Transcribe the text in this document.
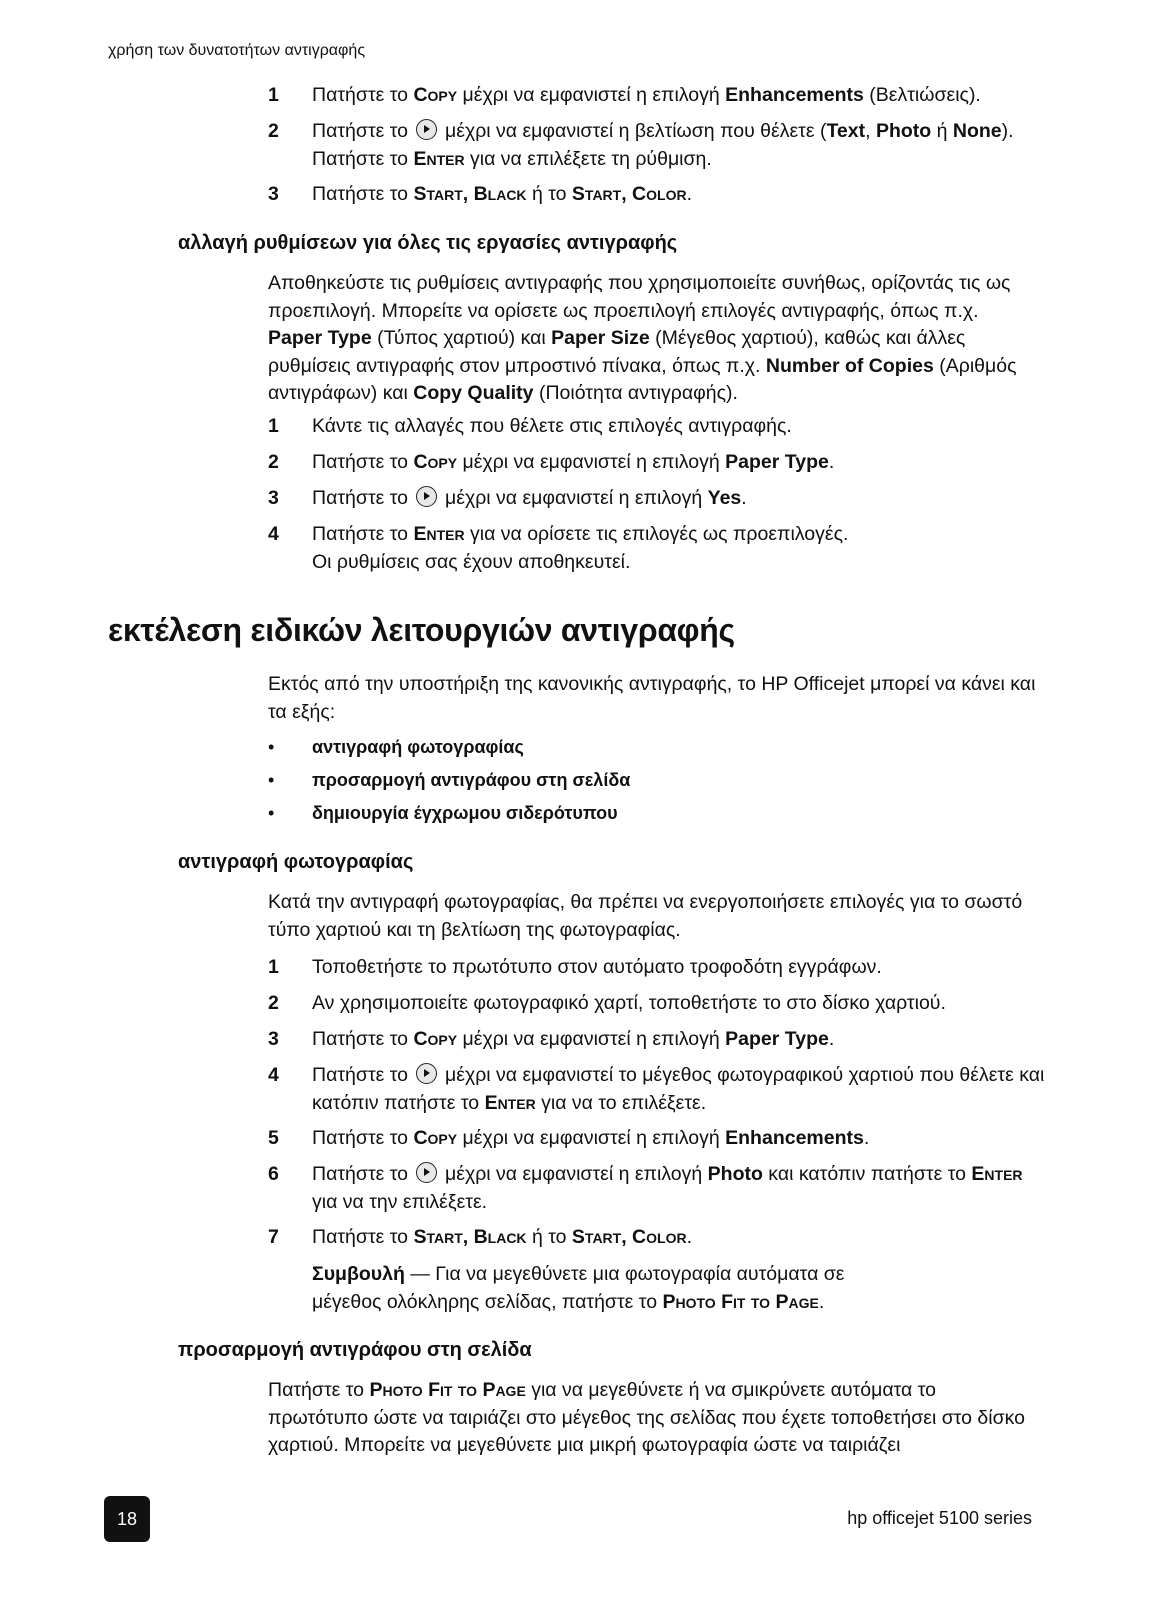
χρήση των δυνατοτήτων αντιγραφής
1	Πατήστε το Copy μέχρι να εμφανιστεί η επιλογή Enhancements (Βελτιώσεις).
2	Πατήστε το μέχρι να εμφανιστεί η βελτίωση που θέλετε (Text, Photo ή None). Πατήστε το Enter για να επιλέξετε τη ρύθμιση.
3	Πατήστε το Start, Black ή το Start, Color.
αλλαγή ρυθμίσεων για όλες τις εργασίες αντιγραφής
Αποθηκεύστε τις ρυθμίσεις αντιγραφής που χρησιμοποιείτε συνήθως, ορίζοντάς τις ως προεπιλογή. Μπορείτε να ορίσετε ως προεπιλογή επιλογές αντιγραφής, όπως π.χ. Paper Type (Τύπος χαρτιού) και Paper Size (Μέγεθος χαρτιού), καθώς και άλλες ρυθμίσεις αντιγραφής στον μπροστινό πίνακα, όπως π.χ. Number of Copies (Αριθμός αντιγράφων) και Copy Quality (Ποιότητα αντιγραφής).
1	Κάντε τις αλλαγές που θέλετε στις επιλογές αντιγραφής.
2	Πατήστε το Copy μέχρι να εμφανιστεί η επιλογή Paper Type.
3	Πατήστε το μέχρι να εμφανιστεί η επιλογή Yes.
4	Πατήστε το Enter για να ορίσετε τις επιλογές ως προεπιλογές.
Οι ρυθμίσεις σας έχουν αποθηκευτεί.
εκτέλεση ειδικών λειτουργιών αντιγραφής
Εκτός από την υποστήριξη της κανονικής αντιγραφής, το HP Officejet μπορεί να κάνει και τα εξής:
• αντιγραφή φωτογραφίας
• προσαρμογή αντιγράφου στη σελίδα
• δημιουργία έγχρωμου σιδερότυπου
αντιγραφή φωτογραφίας
Κατά την αντιγραφή φωτογραφίας, θα πρέπει να ενεργοποιήσετε επιλογές για το σωστό τύπο χαρτιού και τη βελτίωση της φωτογραφίας.
1	Τοποθετήστε το πρωτότυπο στον αυτόματο τροφοδότη εγγράφων.
2	Αν χρησιμοποιείτε φωτογραφικό χαρτί, τοποθετήστε το στο δίσκο χαρτιού.
3	Πατήστε το Copy μέχρι να εμφανιστεί η επιλογή Paper Type.
4	Πατήστε το μέχρι να εμφανιστεί το μέγεθος φωτογραφικού χαρτιού που θέλετε και κατόπιν πατήστε το Enter για να το επιλέξετε.
5	Πατήστε το Copy μέχρι να εμφανιστεί η επιλογή Enhancements.
6	Πατήστε το μέχρι να εμφανιστεί η επιλογή Photo και κατόπιν πατήστε το Enter για να την επιλέξετε.
7	Πατήστε το Start, Black ή το Start, Color.
Συμβουλή — Για να μεγεθύνετε μια φωτογραφία αυτόματα σε μέγεθος ολόκληρης σελίδας, πατήστε το Photo Fit to Page.
προσαρμογή αντιγράφου στη σελίδα
Πατήστε το Photo Fit to Page για να μεγεθύνετε ή να σμικρύνετε αυτόματα το πρωτότυπο ώστε να ταιριάζει στο μέγεθος της σελίδας που έχετε τοποθετήσει στο δίσκο χαρτιού. Μπορείτε να μεγεθύνετε μια μικρή φωτογραφία ώστε να ταιριάζει
18	hp officejet 5100 series
